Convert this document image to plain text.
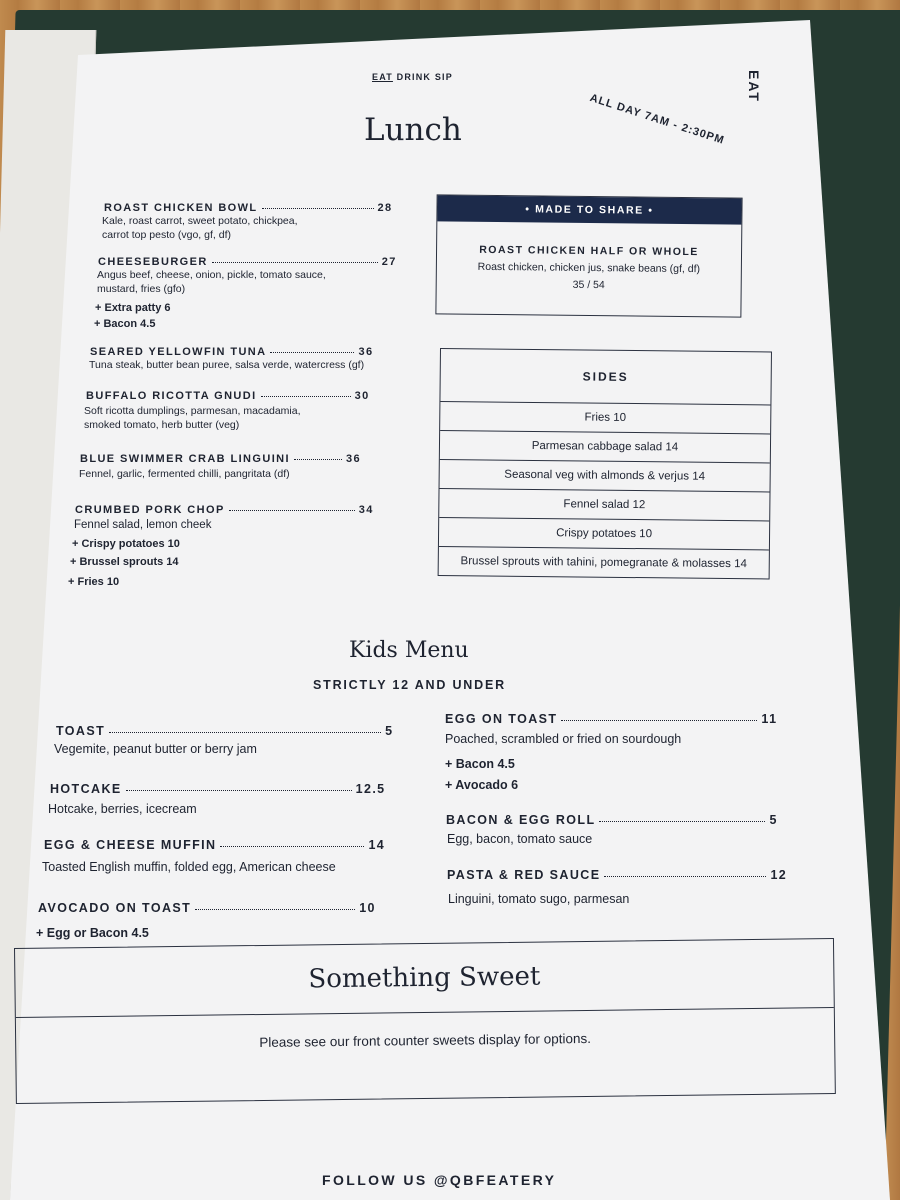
EAT DRINK SIP	EAT
ALL DAY 7AM - 2:30PM
Lunch
ROAST CHICKEN BOWL	28
Kale, roast carrot, sweet potato, chickpea,
carrot top pesto (vgo, gf, df)
CHEESEBURGER	27
Angus beef, cheese, onion, pickle, tomato sauce,
mustard, fries (gfo)
+ Extra patty 6
+ Bacon 4.5
SEARED YELLOWFIN TUNA	36
Tuna steak, butter bean puree, salsa verde, watercress (gf)
BUFFALO RICOTTA GNUDI	30
Soft ricotta dumplings, parmesan, macadamia,
smoked tomato, herb butter (veg)
BLUE SWIMMER CRAB LINGUINI	36
Fennel, garlic, fermented chilli, pangritata (df)
CRUMBED PORK CHOP	34
Fennel salad, lemon cheek
+ Crispy potatoes 10
+ Brussel sprouts 14
+ Fries 10
• MADE TO SHARE •
ROAST CHICKEN HALF OR WHOLE
Roast chicken, chicken jus, snake beans (gf, df)
35 / 54
SIDES
Fries 10
Parmesan cabbage salad 14
Seasonal veg with almonds & verjus 14
Fennel salad 12
Crispy potatoes 10
Brussel sprouts with tahini, pomegranate & molasses 14
Kids Menu
STRICTLY 12 AND UNDER
TOAST	5
Vegemite, peanut butter or berry jam
HOTCAKE	12.5
Hotcake, berries, icecream
EGG & CHEESE MUFFIN	14
Toasted English muffin, folded egg, American cheese
AVOCADO ON TOAST	10
+ Egg or Bacon 4.5
EGG ON TOAST	11
Poached, scrambled or fried on sourdough
+ Bacon 4.5
+ Avocado 6
BACON & EGG ROLL	5
Egg, bacon, tomato sauce
PASTA & RED SAUCE	12
Linguini, tomato sugo, parmesan
Something Sweet
Please see our front counter sweets display for options.
FOLLOW US @QBFEATERY
